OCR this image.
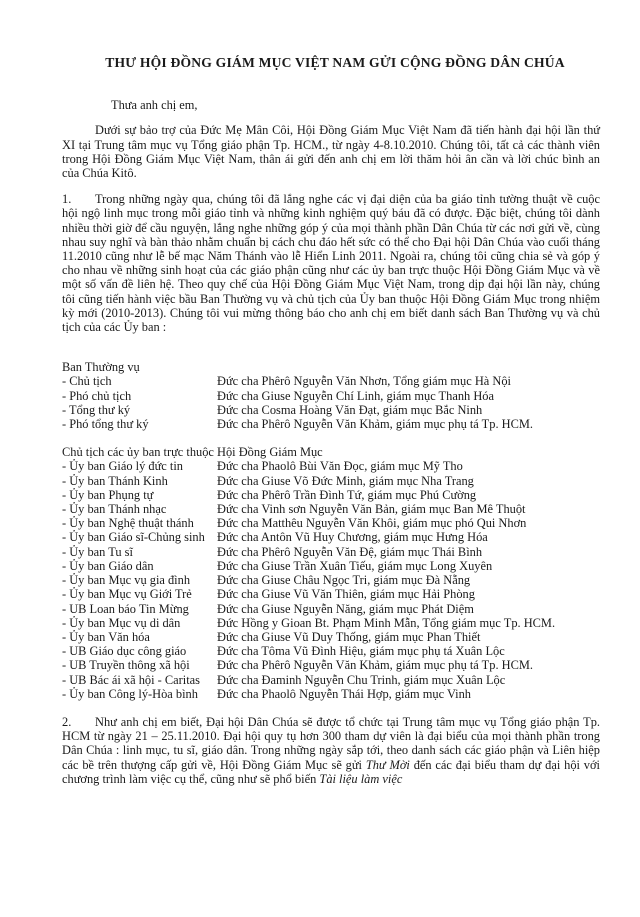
THƯ HỘI ĐỒNG GIÁM MỤC VIỆT NAM GỬI CỘNG ĐỒNG DÂN CHÚA
Thưa anh chị em,

Dưới sự bảo trợ của Đức Mẹ Mân Côi, Hội Đồng Giám Mục Việt Nam đã tiến hành đại hội lần thứ XI tại Trung tâm mục vụ Tổng giáo phận Tp. HCM., từ ngày 4-8.10.2010. Chúng tôi, tất cả các thành viên trong Hội Đồng Giám Mục Việt Nam, thân ái gửi đến anh chị em lời thăm hỏi ân cần và lời chúc bình an của Chúa Kitô.

1. Trong những ngày qua, chúng tôi đã lắng nghe các vị đại diện của ba giáo tỉnh tường thuật về cuộc hội ngộ linh mục trong mỗi giáo tỉnh và những kinh nghiệm quý báu đã có được. Đặc biệt, chúng tôi dành nhiều thời giờ để cầu nguyện, lắng nghe những góp ý của mọi thành phần Dân Chúa từ các nơi gửi về, cùng nhau suy nghĩ và bàn thảo nhằm chuẩn bị cách chu đáo hết sức có thể cho Đại hội Dân Chúa vào cuối tháng 11.2010 cũng như lễ bế mạc Năm Thánh vào lễ Hiển Linh 2011. Ngoài ra, chúng tôi cũng chia sẻ và góp ý cho nhau về những sinh hoạt của các giáo phận cũng như các ủy ban trực thuộc Hội Đồng Giám Mục và về một số vấn đề liên hệ. Theo quy chế của Hội Đồng Giám Mục Việt Nam, trong dịp đại hội lần này, chúng tôi cũng tiến hành việc bầu Ban Thường vụ và chủ tịch của Ủy ban thuộc Hội Đồng Giám Mục trong nhiệm kỳ mới (2010-2013). Chúng tôi vui mừng thông báo cho anh chị em biết danh sách Ban Thường vụ và chủ tịch của các Ủy ban :

Ban Thường vụ
- Chủ tịch	Đức cha Phêrô Nguyễn Văn Nhơn, Tổng giám mục Hà Nội
- Phó chủ tịch	Đức cha Giuse Nguyễn Chí Linh, giám mục Thanh Hóa
- Tổng thư ký	Đức cha Cosma Hoàng Văn Đạt, giám mục Bắc Ninh
- Phó tổng thư ký	Đức cha Phêrô Nguyễn Văn Khảm, giám mục phụ tá Tp. HCM.
Chủ tịch các ủy ban trực thuộc Hội Đồng Giám Mục
- Ủy ban Giáo lý đức tin	Đức cha Phaolô Bùi Văn Đọc, giám mục Mỹ Tho
- Ủy ban Thánh Kinh	Đức cha Giuse Võ Đức Minh, giám mục Nha Trang
- Ủy ban Phụng tự	Đức cha Phêrô Trần Đình Tứ, giám mục Phú Cường
- Ủy ban Thánh nhạc	Đức cha Vinh sơn Nguyễn Văn Bản, giám mục Ban Mê Thuột
- Ủy ban Nghệ thuật thánh	Đức cha Matthêu Nguyễn Văn Khôi, giám mục phó Qui Nhơn
- Ủy ban Giáo sĩ-Chủng sinh	Đức cha Antôn Vũ Huy Chương, giám mục Hưng Hóa
- Ủy ban Tu sĩ	Đức cha Phêrô Nguyễn Văn Đệ, giám mục Thái Bình
- Ủy ban Giáo dân	Đức cha Giuse Trần Xuân Tiếu, giám mục Long Xuyên
- Ủy ban Mục vụ gia đình	Đức cha Giuse Châu Ngọc Tri, giám mục Đà Nẵng
- Ủy ban Mục vụ Giới Trẻ	Đức cha Giuse Vũ Văn Thiên, giám mục Hải Phòng
- UB Loan báo Tin Mừng	Đức cha Giuse Nguyễn Năng, giám mục Phát Diệm
- Ủy ban Mục vụ di dân	Đức Hồng y Gioan Bt. Phạm Minh Mẫn, Tổng giám mục Tp. HCM.
- Ủy ban Văn hóa	Đức cha Giuse Vũ Duy Thống, giám mục Phan Thiết
- UB Giáo dục công giáo	Đức cha Tôma Vũ Đình Hiệu, giám mục phụ tá Xuân Lộc
- UB Truyền thông xã hội	Đức cha Phêrô Nguyễn Văn Khảm, giám mục phụ tá Tp. HCM.
- UB Bác ái xã hội - Caritas	Đức cha Đaminh Nguyễn Chu Trinh, giám mục Xuân Lộc
- Ủy ban Công lý-Hòa bình	Đức cha Phaolô Nguyễn Thái Hợp, giám mục Vinh

2. Như anh chị em biết, Đại hội Dân Chúa sẽ được tổ chức tại Trung tâm mục vụ Tổng giáo phận Tp. HCM từ ngày 21 – 25.11.2010. Đại hội quy tụ hơn 300 tham dự viên là đại biểu của mọi thành phần trong Dân Chúa : linh mục, tu sĩ, giáo dân. Trong những ngày sắp tới, theo danh sách các giáo phận và Liên hiệp các bề trên thượng cấp gửi về, Hội Đồng Giám Mục sẽ gửi Thư Mời đến các đại biểu tham dự đại hội với chương trình làm việc cụ thể, cũng như sẽ phổ biến Tài liệu làm việc
